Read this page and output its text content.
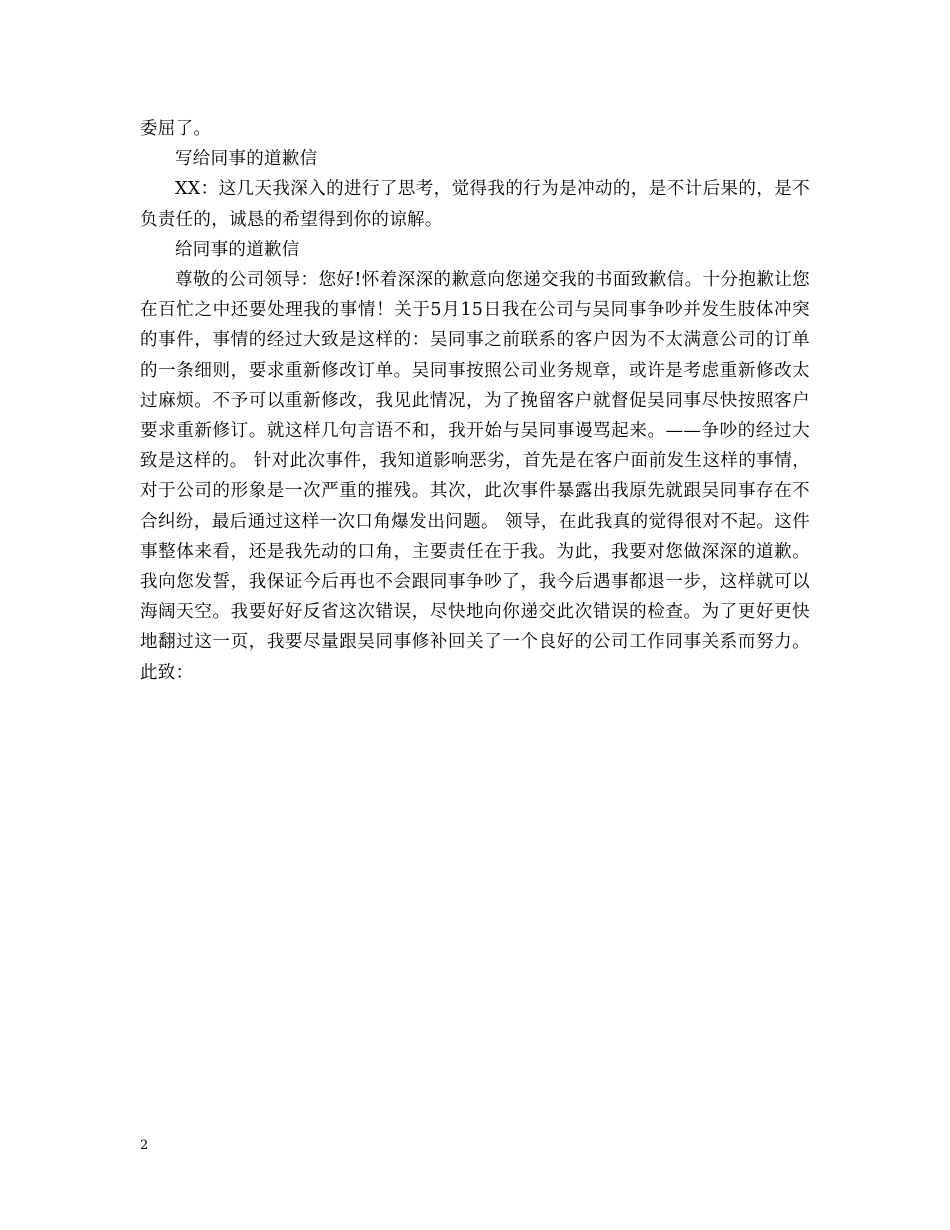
委屈了。

写给同事的道歉信

XX：这几天我深入的进行了思考，觉得我的行为是冲动的，是不计后果的，是不负责任的，诚恳的希望得到你的谅解。

给同事的道歉信

尊敬的公司领导：您好!怀着深深的歉意向您递交我的书面致歉信。十分抱歉让您在百忙之中还要处理我的事情！关于5月15日我在公司与吴同事争吵并发生肢体冲突的事件，事情的经过大致是这样的：吴同事之前联系的客户因为不太满意公司的订单的一条细则，要求重新修改订单。吴同事按照公司业务规章，或许是考虑重新修改太过麻烦。不予可以重新修改，我见此情况，为了挽留客户就督促吴同事尽快按照客户要求重新修订。就这样几句言语不和，我开始与吴同事谩骂起来。——争吵的经过大致是这样的。 针对此次事件，我知道影响恶劣，首先是在客户面前发生这样的事情，对于公司的形象是一次严重的摧残。其次，此次事件暴露出我原先就跟吴同事存在不合纠纷，最后通过这样一次口角爆发出问题。 领导，在此我真的觉得很对不起。这件事整体来看，还是我先动的口角，主要责任在于我。为此，我要对您做深深的道歉。 我向您发誓，我保证今后再也不会跟同事争吵了，我今后遇事都退一步，这样就可以海阔天空。我要好好反省这次错误，尽快地向你递交此次错误的检查。为了更好更快地翻过这一页，我要尽量跟吴同事修补回关了一个良好的公司工作同事关系而努力。此致：

2
